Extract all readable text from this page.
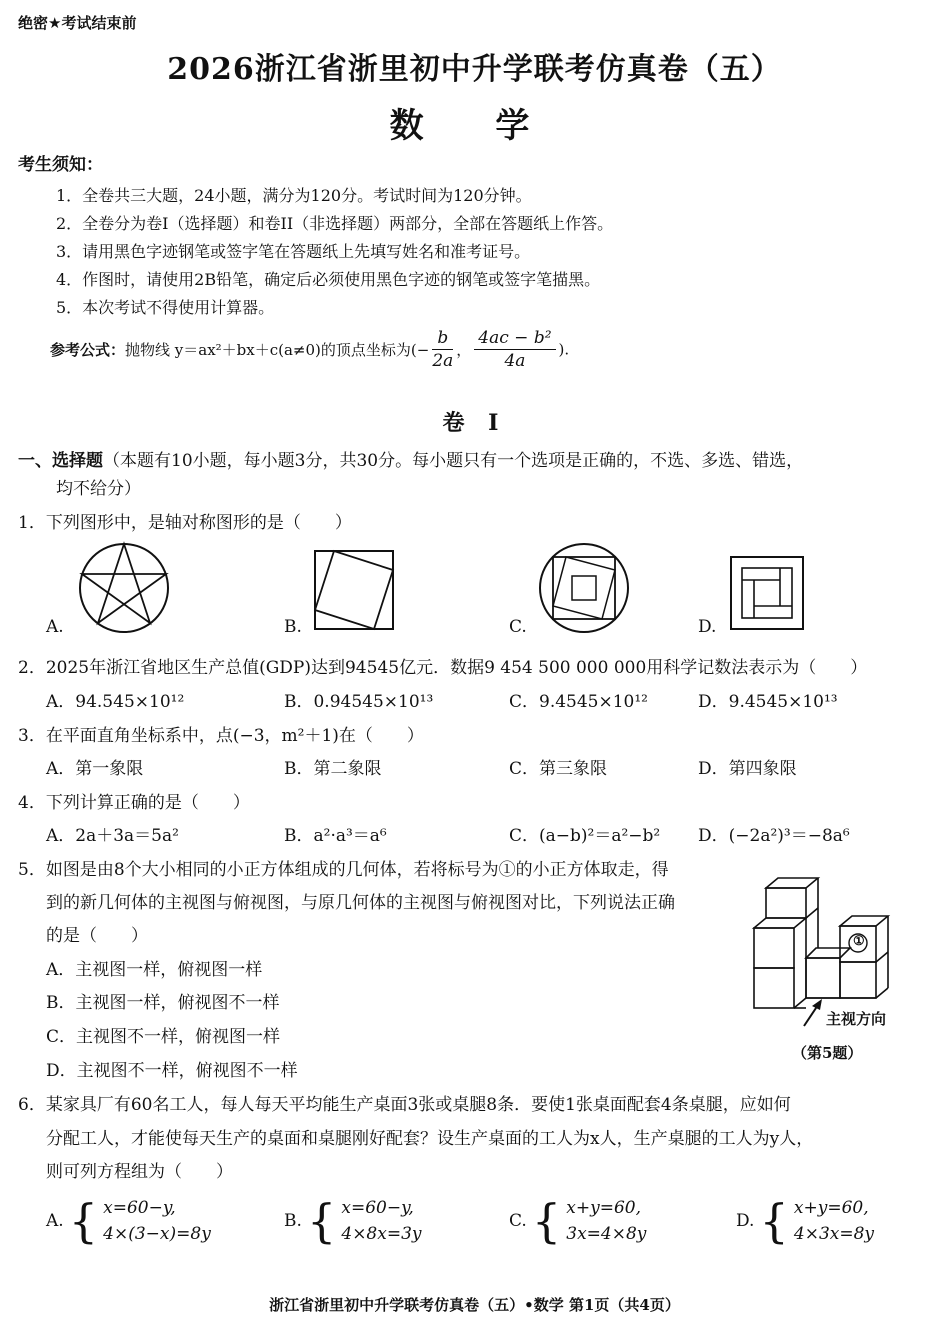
绝密★考试结束前
2026浙江省浙里初中升学联考仿真卷（五）
数 学
考生须知：
1．全卷共三大题，24小题，满分为120分。考试时间为120分钟。
2．全卷分为卷I（选择题）和卷II（非选择题）两部分，全部在答题纸上作答。
3．请用黑色字迹钢笔或签字笔在答题纸上先填写姓名和准考证号。
4．作图时，请使用2B铅笔，确定后必须使用黑色字迹的钢笔或签字笔描黑。
5．本次考试不得使用计算器。
参考公式：抛物线 y＝ax²＋bx＋c(a≠0)的顶点坐标为(− $\frac{b}{2a}$ ， $\frac{\text{4ac − b²}}{4a}$ ).
卷 I
一、选择题（本题有10小题，每小题3分，共30分。每小题只有一个选项是正确的，不选、多选、错选，
均不给分）
1．下列图形中，是轴对称图形的是（　　）
A.	B.	C.	D.
2．2025年浙江省地区生产总值(GDP)达到94545亿元．数据9 454 500 000 000用科学记数法表示为（　　）
A．94.545×10¹²	B．0.94545×10¹³	C．9.4545×10¹²	D．9.4545×10¹³
3．在平面直角坐标系中，点(−3，m²＋1)在（　　）
A．第一象限	B．第二象限	C．第三象限	D．第四象限
4．下列计算正确的是（　　）
A．2a＋3a＝5a²	B．a²·a³＝a⁶	C．(a−b)²＝a²−b² D．(−2a²)³＝−8a⁶
5．如图是由8个大小相同的小正方体组成的几何体，若将标号为①的小正方体取走，得
到的新几何体的主视图与俯视图，与原几何体的主视图与俯视图对比，下列说法正确
的是（　　）
A．主视图一样，俯视图一样
B．主视图一样，俯视图不一样
C．主视图不一样，俯视图一样
D．主视图不一样，俯视图不一样
①
主视方向
（第5题）
6．某家具厂有60名工人，每人每天平均能生产桌面3张或桌腿8条．要使1张桌面配套4条桌腿，应如何
分配工人，才能使每天生产的桌面和桌腿刚好配套？设生产桌面的工人为x人，生产桌腿的工人为y人，
则可列方程组为（　　）
A. { x=60−y,
4×(3−x)=8y
B. { x=60−y,
4×8x=3y
C. { x+y=60,
3x=4×8y
D. { x+y=60,
4×3x=8y
浙江省浙里初中升学联考仿真卷（五）•数学 第1页（共4页）
